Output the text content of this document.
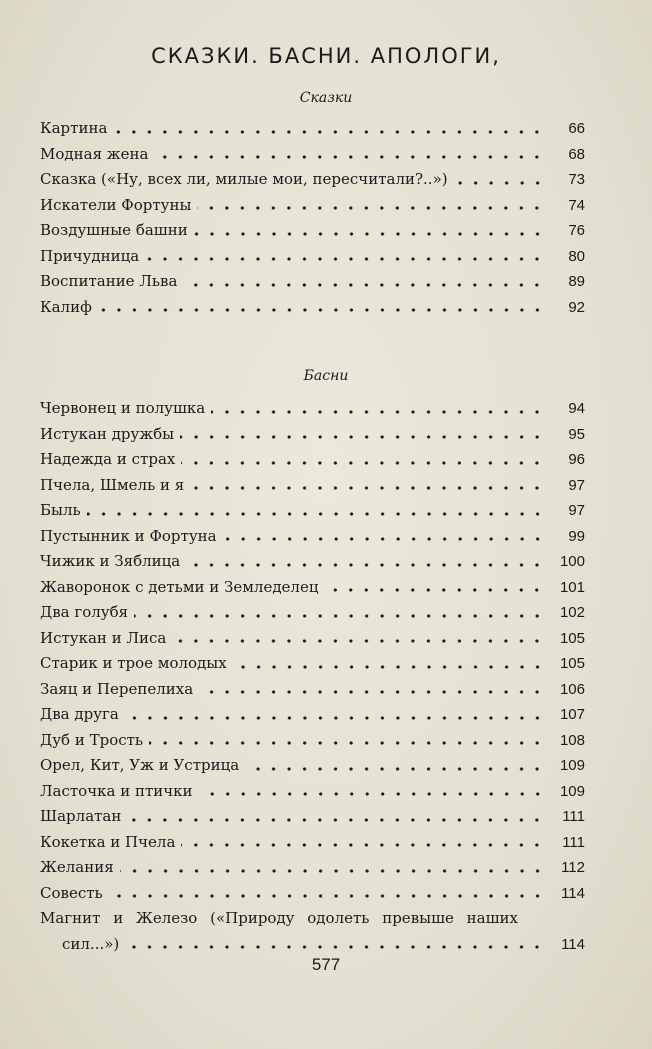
СКАЗКИ. БАСНИ. АПОЛОГИ,
Сказки
Картина	66
Модная жена	68
Сказка («Ну, всех ли, милые мои, пересчитали?..»)	73
Искатели Фортуны	74
Воздушные башни	76
Причудница	80
Воспитание Льва	89
Калиф	92
Басни
Червонец и полушка	94
Истукан дружбы	95
Надежда и страх	96
Пчела, Шмель и я	97
Быль	97
Пустынник и Фортуна	99
Чижик и Зяблица	100
Жаворонок с детьми и Земледелец	101
Два голубя	102
Истукан и Лиса	105
Старик и трое молодых	105
Заяц и Перепелиха	106
Два друга	107
Дуб и Трость	108
Орел, Кит, Уж и Устрица	109
Ласточка и птички	109
Шарлатан	111
Кокетка и Пчела	111
Желания	112
Совесть	114
Магнит и Железо («Природу одолеть превыше наших
сил...»)	114
577
